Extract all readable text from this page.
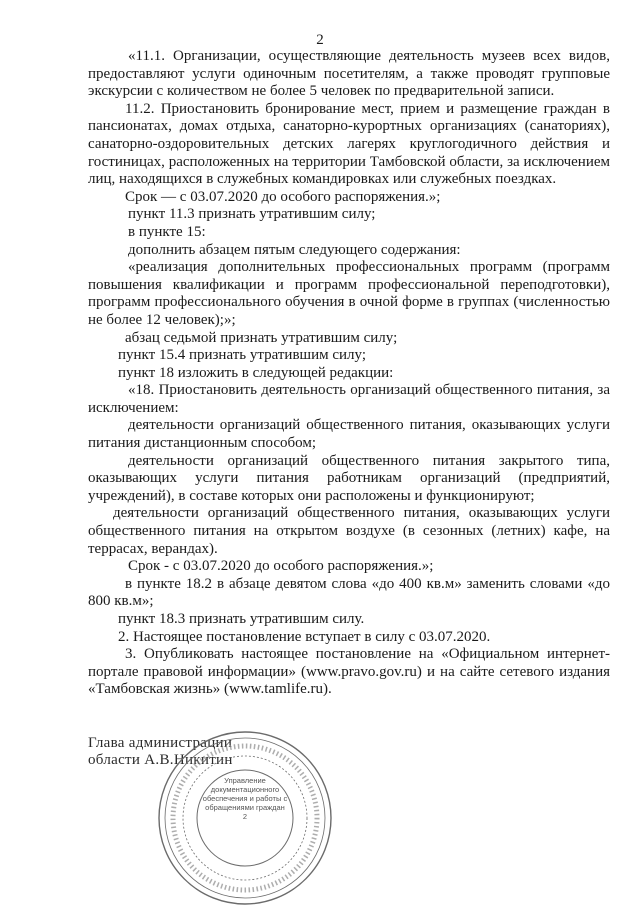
2

«11.1. Организации, осуществляющие деятельность музеев всех видов, предоставляют услуги одиночным посетителям, а также проводят групповые экскурсии с количеством не более 5 человек по предварительной записи.

11.2. Приостановить бронирование мест, прием и размещение граждан в пансионатах, домах отдыха, санаторно-курортных организациях (санаториях), санаторно-оздоровительных детских лагерях круглогодичного действия и гостиницах, расположенных на территории Тамбовской области, за исключением лиц, находящихся в служебных командировках или служебных поездках.

Срок — с 03.07.2020 до особого распоряжения.»;

пункт 11.3 признать утратившим силу;

в пункте 15:

дополнить абзацем пятым следующего содержания:

«реализация дополнительных профессиональных программ (программ повышения квалификации и программ профессиональной переподготовки), программ профессионального обучения в очной форме в группах (численностью не более 12 человек);»;

абзац седьмой признать утратившим силу;

пункт 15.4 признать утратившим силу;

пункт 18 изложить в следующей редакции:

«18. Приостановить деятельность организаций общественного питания, за исключением:

деятельности организаций общественного питания, оказывающих услуги питания дистанционным способом;

деятельности организаций общественного питания закрытого типа, оказывающих услуги питания работникам организаций (предприятий, учреждений), в составе которых они расположены и функционируют;

деятельности организаций общественного питания, оказывающих услуги общественного питания на открытом воздухе (в сезонных (летних) кафе, на террасах, верандах).

Срок - с 03.07.2020 до особого распоряжения.»;

в пункте 18.2 в абзаце девятом слова «до 400 кв.м» заменить словами «до 800 кв.м»;

пункт 18.3 признать утратившим силу.

2. Настоящее постановление вступает в силу с 03.07.2020.

3. Опубликовать настоящее постановление на «Официальном интернет-портале правовой информации» (www.pravo.gov.ru) и на сайте сетевого издания «Тамбовская жизнь» (www.tamlife.ru).

Глава администрации
области А.В.Никитин
Управление документационного обеспечения и работы с обращениями граждан
2
